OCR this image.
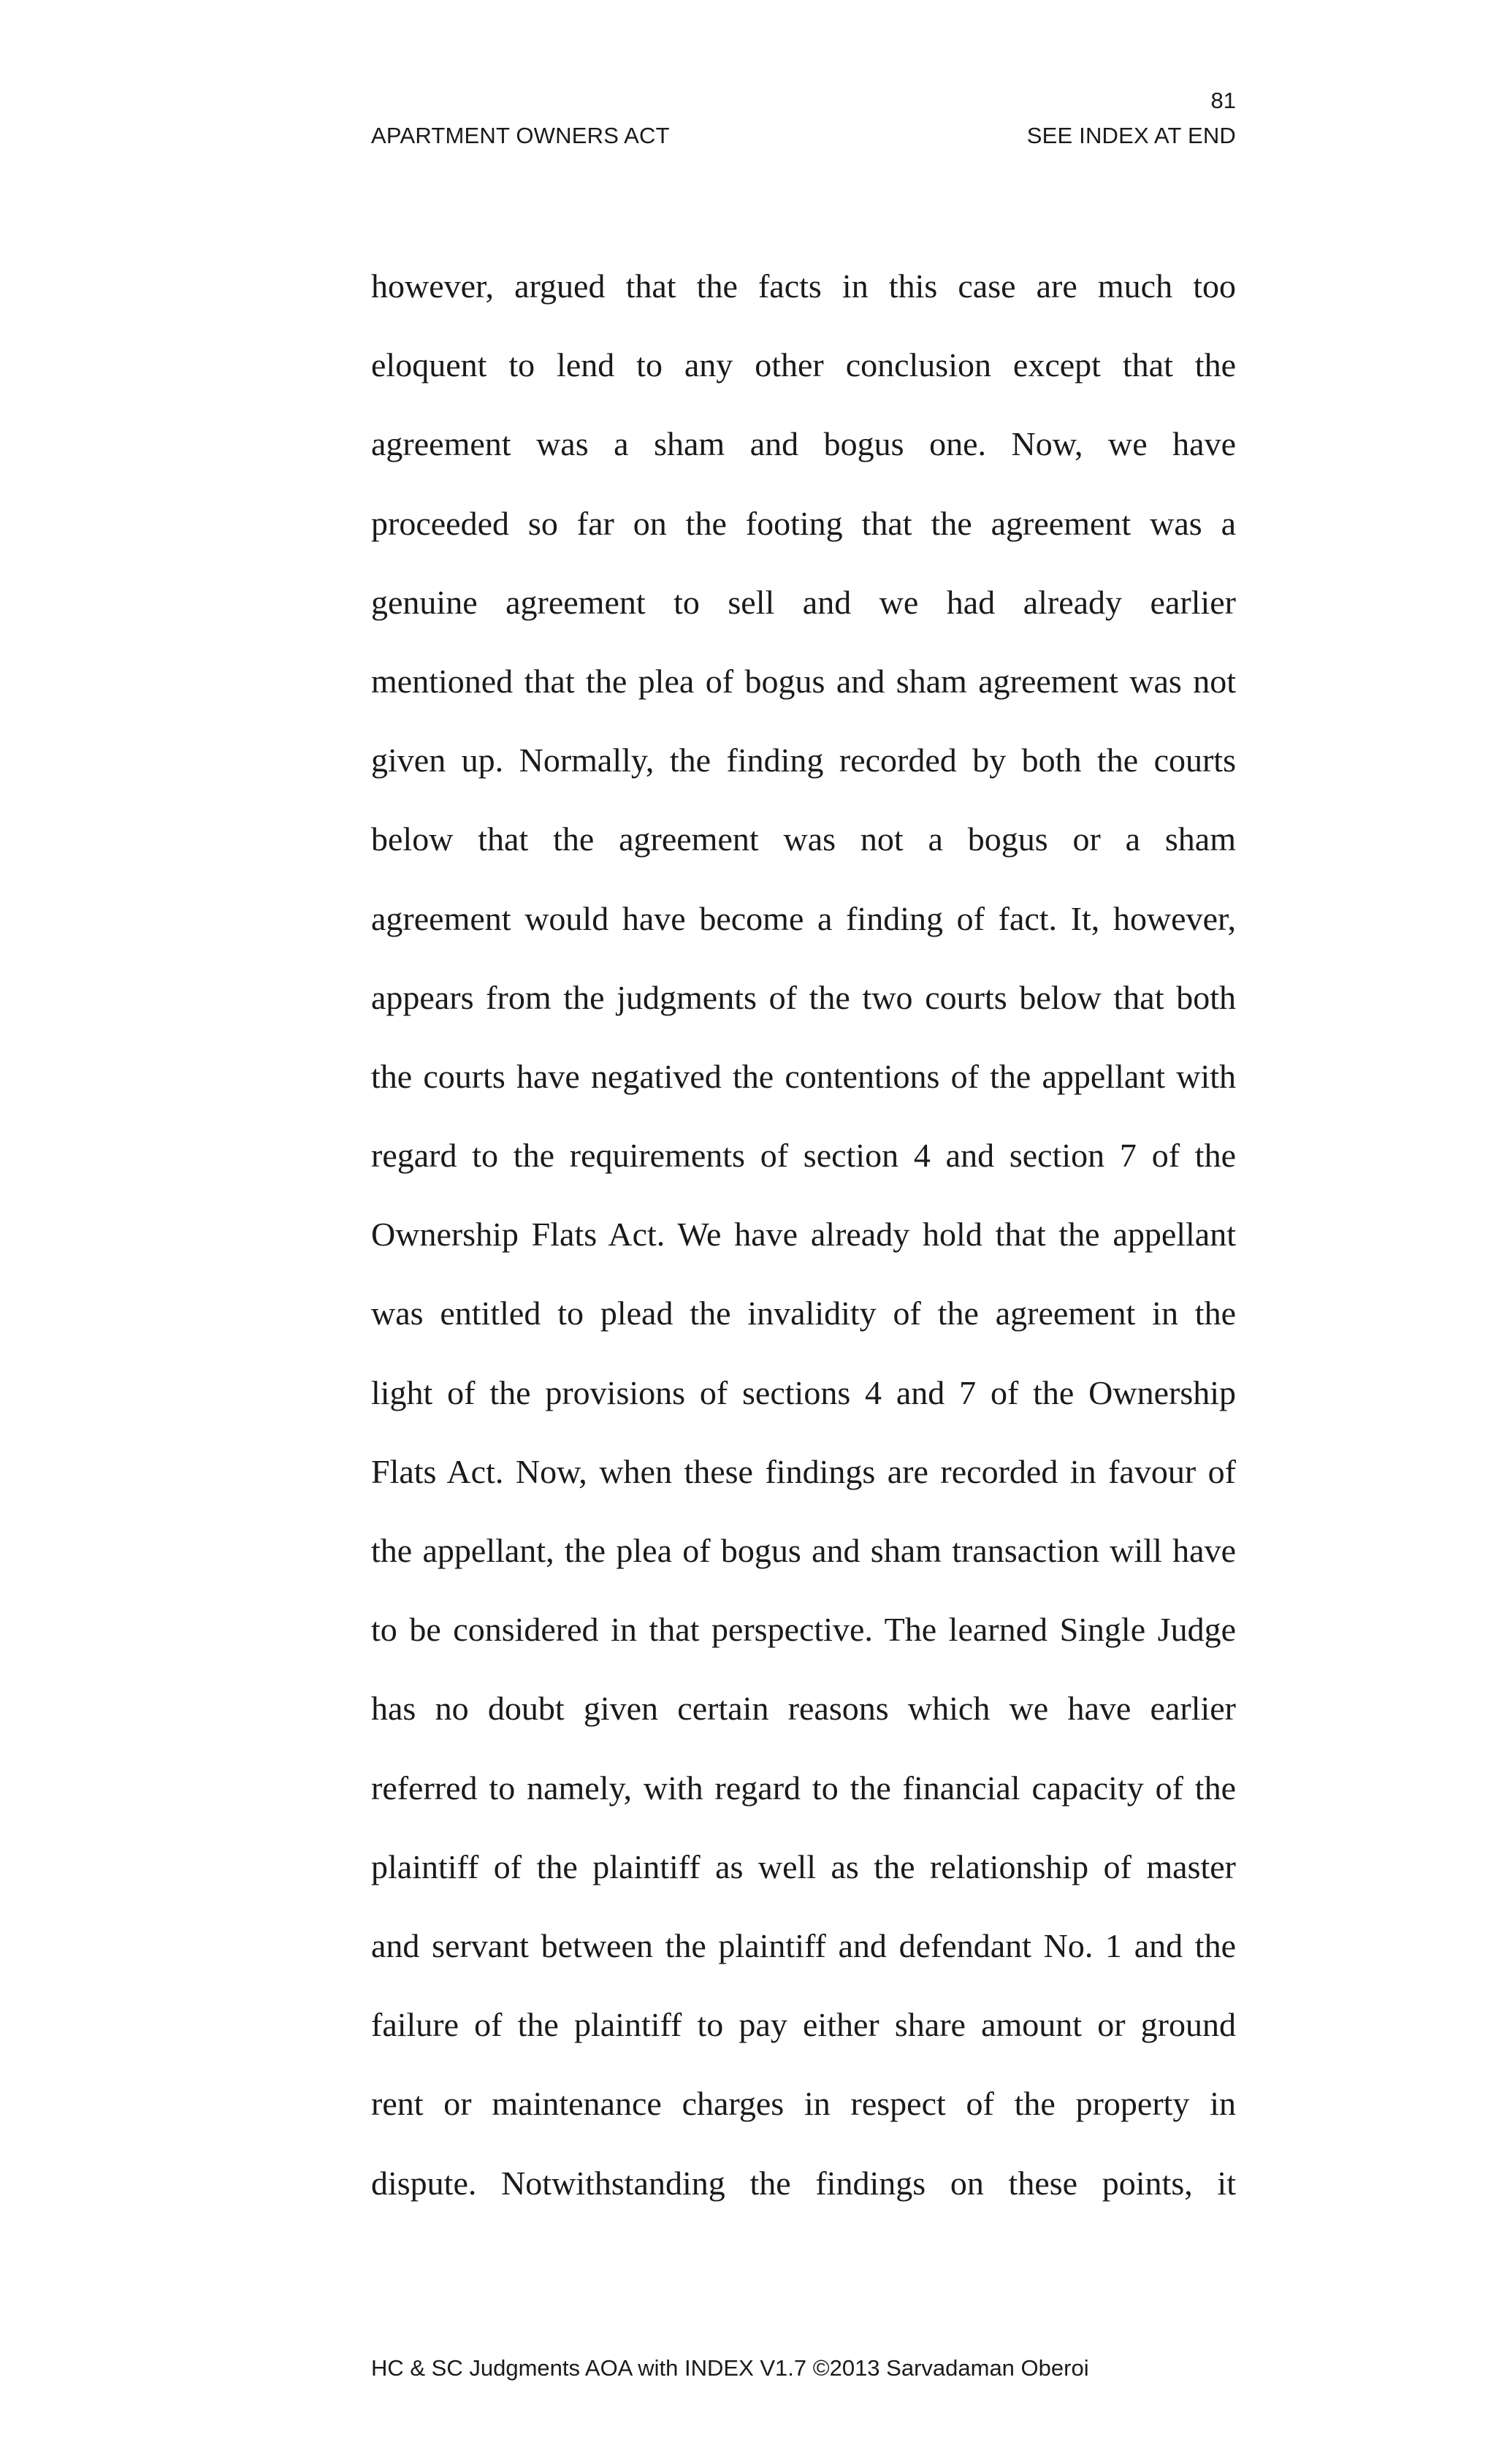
81
APARTMENT OWNERS ACT	SEE INDEX AT END
however, argued that the facts in this case are much too
eloquent to lend to any other conclusion except that the
agreement was a sham and bogus one. Now, we have
proceeded so far on the footing that the agreement was a
genuine agreement to sell and we had already earlier
mentioned that the plea of bogus and sham agreement was not
given up. Normally, the finding recorded by both the courts
below that the agreement was not a bogus or a sham
agreement would have become a finding of fact. It, however,
appears from the judgments of the two courts below that both
the courts have negatived the contentions of the appellant with
regard to the requirements of section 4 and section 7 of the
Ownership Flats Act. We have already hold that the appellant
was entitled to plead the invalidity of the agreement in the
light of the provisions of sections 4 and 7 of the Ownership
Flats Act. Now, when these findings are recorded in favour of
the appellant, the plea of bogus and sham transaction will have
to be considered in that perspective. The learned Single Judge
has no doubt given certain reasons which we have earlier
referred to namely, with regard to the financial capacity of the
plaintiff of the plaintiff as well as the relationship of master
and servant between the plaintiff and defendant No. 1 and the
failure of the plaintiff to pay either share amount or ground
rent or maintenance charges in respect of the property in
dispute. Notwithstanding the findings on these points, it
HC & SC Judgments AOA with INDEX V1.7 ©2013 Sarvadaman Oberoi
